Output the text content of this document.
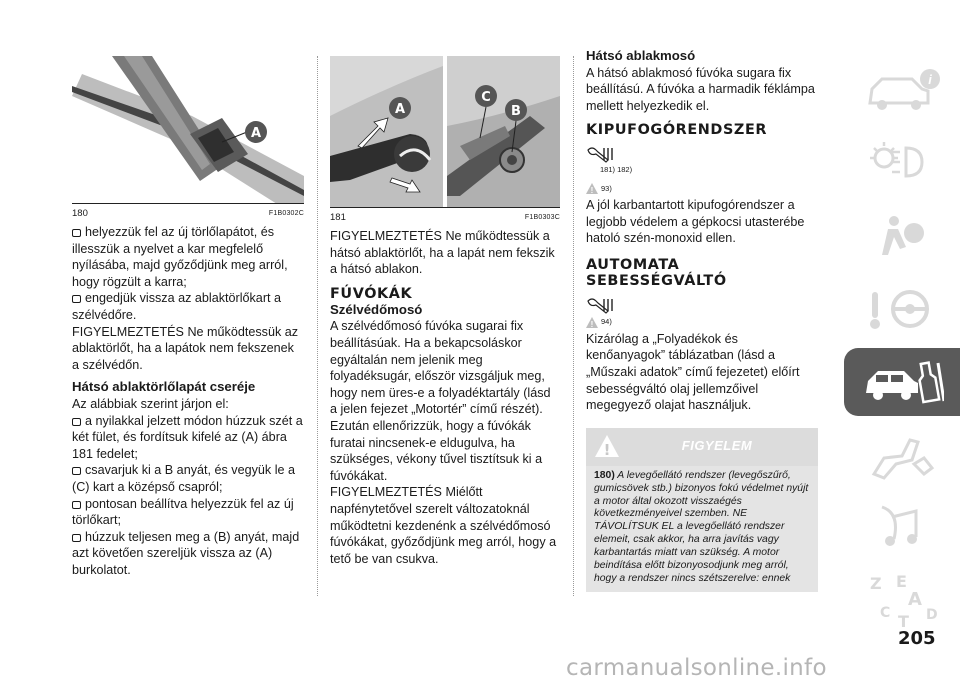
A
180	F1B0302C

helyezzük fel az új törlőlapátot, és illesszük a nyelvet a kar megfelelő nyílásába, majd győződjünk meg arról, hogy rögzült a karra;

engedjük vissza az ablaktörlőkart a szélvédőre.

FIGYELMEZTETÉS Ne működtessük az ablaktörlőt, ha a lapátok nem fekszenek a szélvédőn.

Hátsó ablaktörlőlapát cseréje

Az alábbiak szerint járjon el:

a nyilakkal jelzett módon húzzuk szét a két fület, és fordítsuk kifelé az (A) ábra 181 fedelet;

csavarjuk ki a B anyát, és vegyük le a (C) kart a középső csapról;

pontosan beállítva helyezzük fel az új törlőkart;

húzzuk teljesen meg a (B) anyát, majd azt követően szereljük vissza az (A) burkolatot.

A
C
B
181	F1B0303C

FIGYELMEZTETÉS Ne működtessük a hátsó ablaktörlőt, ha a lapát nem fekszik a hátsó ablakon.

FÚVÓKÁK
Szélvédőmosó

A szélvédőmosó fúvóka sugarai fix beállításúak. Ha a bekapcsoláskor egyáltalán nem jelenik meg folyadéksugár, először vizsgáljuk meg, hogy nem üres-e a folyadéktartály (lásd a jelen fejezet „Motortér” című részét). Ezután ellenőrizzük, hogy a fúvókák furatai nincsenek-e eldugulva, ha szükséges, vékony tűvel tisztítsuk ki a fúvókákat.

FIGYELMEZTETÉS Miélőtt napfénytetővel szerelt változatoknál működtetni kezdenénk a szélvédőmosó fúvókákat, győződjünk meg arról, hogy a tető be van csukva.

Hátsó ablakmosó

A hátsó ablakmosó fúvóka sugara fix beállítású. A fúvóka a harmadik féklámpa mellett helyezkedik el.

KIPUFOGÓRENDSZER
181) 182)
! 93)

A jól karbantartott kipufogórendszer a legjobb védelem a gépkocsi utasterébe hatoló szén-monoxid ellen.

AUTOMATA
SEBESSÉGVÁLTÓ
! 94)

Kizárólag a „Folyadékok és kenőanyagok” táblázatban (lásd a „Műszaki adatok” című fejezetet) előírt sebességváltó olaj jellemzőivel megegyező olajat használjuk.

!	FIGYELEM
180) A levegőellátó rendszer (levegőszűrő, gumicsövek stb.) bizonyos fokú védelmet nyújt a motor által okozott visszaégés következményeivel szemben. NE TÁVOLÍTSUK EL a levegőellátó rendszer elemeit, csak akkor, ha arra javítás vagy karbantartás miatt van szükség. A motor beindítása előtt bizonyosodjunk meg arról, hogy a rendszer nincs szétszerelve: ennek
i
Z E
A
C T D
205
carmanualsonline.info
